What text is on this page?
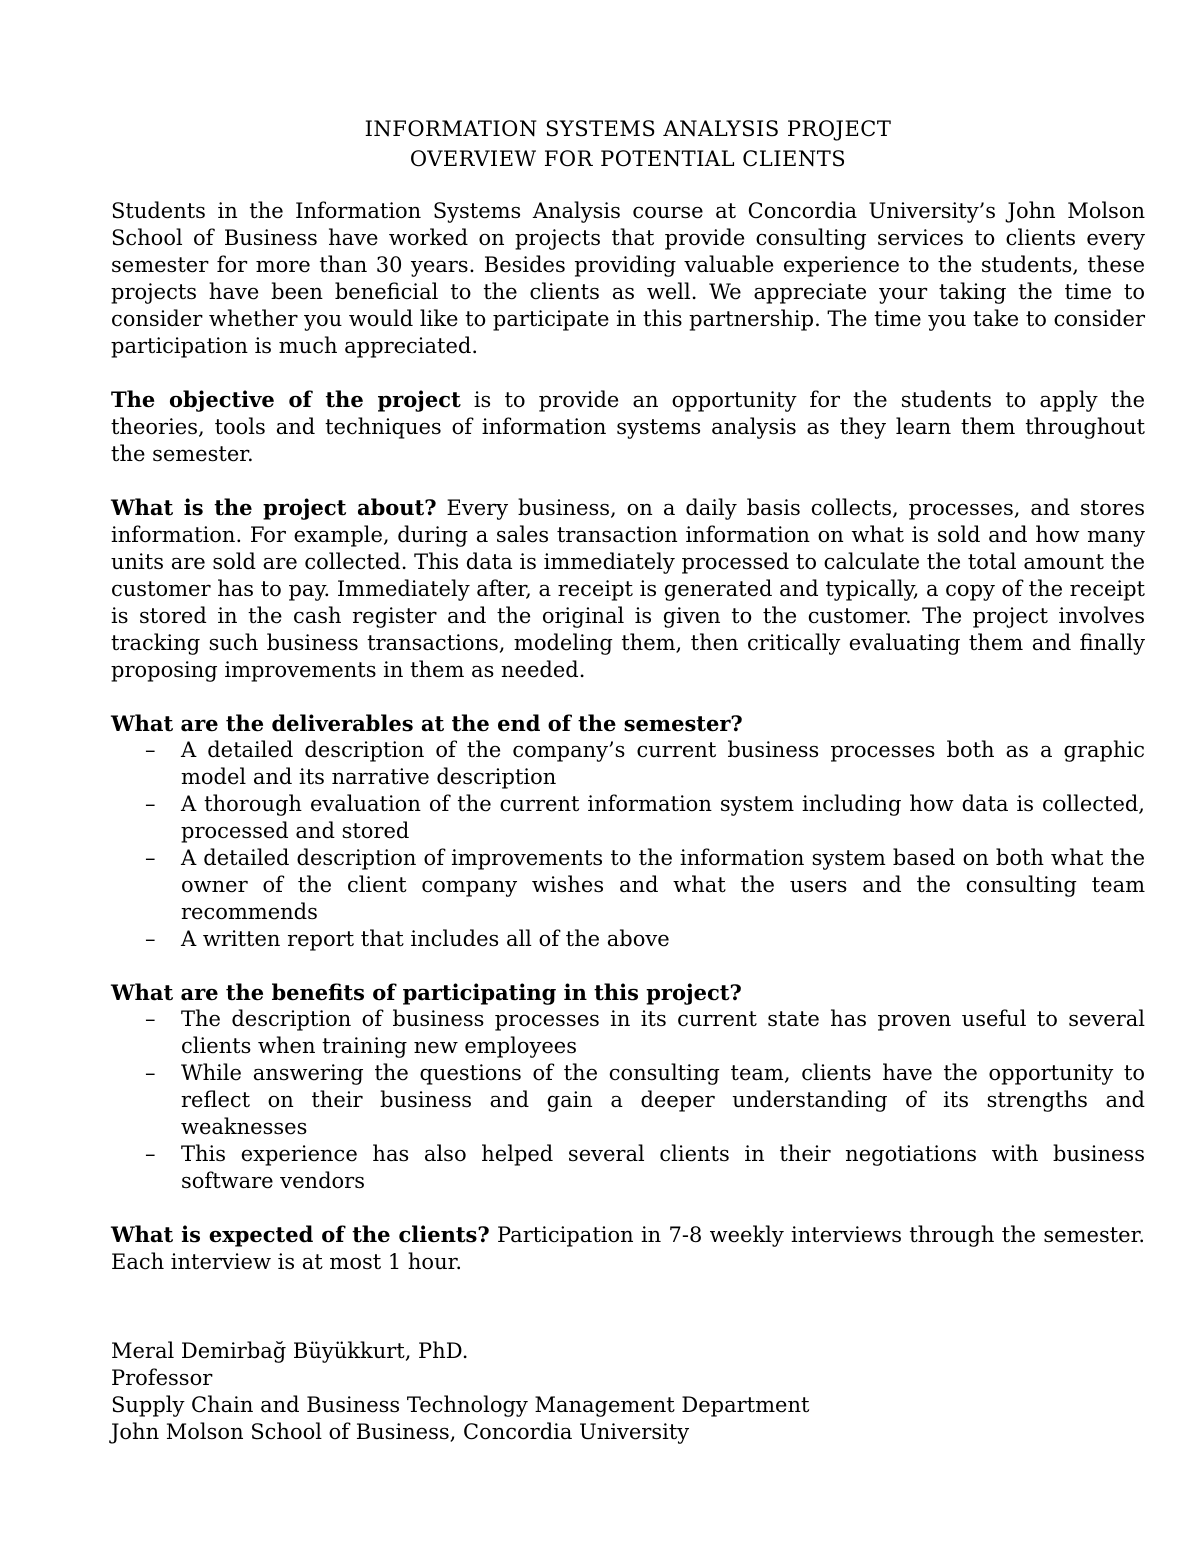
INFORMATION SYSTEMS ANALYSIS PROJECT
OVERVIEW FOR POTENTIAL CLIENTS

Students in the Information Systems Analysis course at Concordia University’s John Molson School of Business have worked on projects that provide consulting services to clients every semester for more than 30 years. Besides providing valuable experience to the students, these projects have been beneficial to the clients as well. We appreciate your taking the time to consider whether you would like to participate in this partnership. The time you take to consider participation is much appreciated.

The objective of the project is to provide an opportunity for the students to apply the theories, tools and techniques of information systems analysis as they learn them throughout the semester.

What is the project about? Every business, on a daily basis collects, processes, and stores information. For example, during a sales transaction information on what is sold and how many units are sold are collected. This data is immediately processed to calculate the total amount the customer has to pay. Immediately after, a receipt is generated and typically, a copy of the receipt is stored in the cash register and the original is given to the customer. The project involves tracking such business transactions, modeling them, then critically evaluating them and finally proposing improvements in them as needed.

What are the deliverables at the end of the semester?
– A detailed description of the company’s current business processes both as a graphic model and its narrative description
– A thorough evaluation of the current information system including how data is collected, processed and stored
– A detailed description of improvements to the information system based on both what the owner of the client company wishes and what the users and the consulting team recommends
– A written report that includes all of the above
What are the benefits of participating in this project?
– The description of business processes in its current state has proven useful to several clients when training new employees
– While answering the questions of the consulting team, clients have the opportunity to reflect on their business and gain a deeper understanding of its strengths and weaknesses
– This experience has also helped several clients in their negotiations with business software vendors

What is expected of the clients? Participation in 7-8 weekly interviews through the semester. Each interview is at most 1 hour.

Meral Demirbağ Büyükkurt, PhD.
Professor
Supply Chain and Business Technology Management Department
John Molson School of Business, Concordia University
